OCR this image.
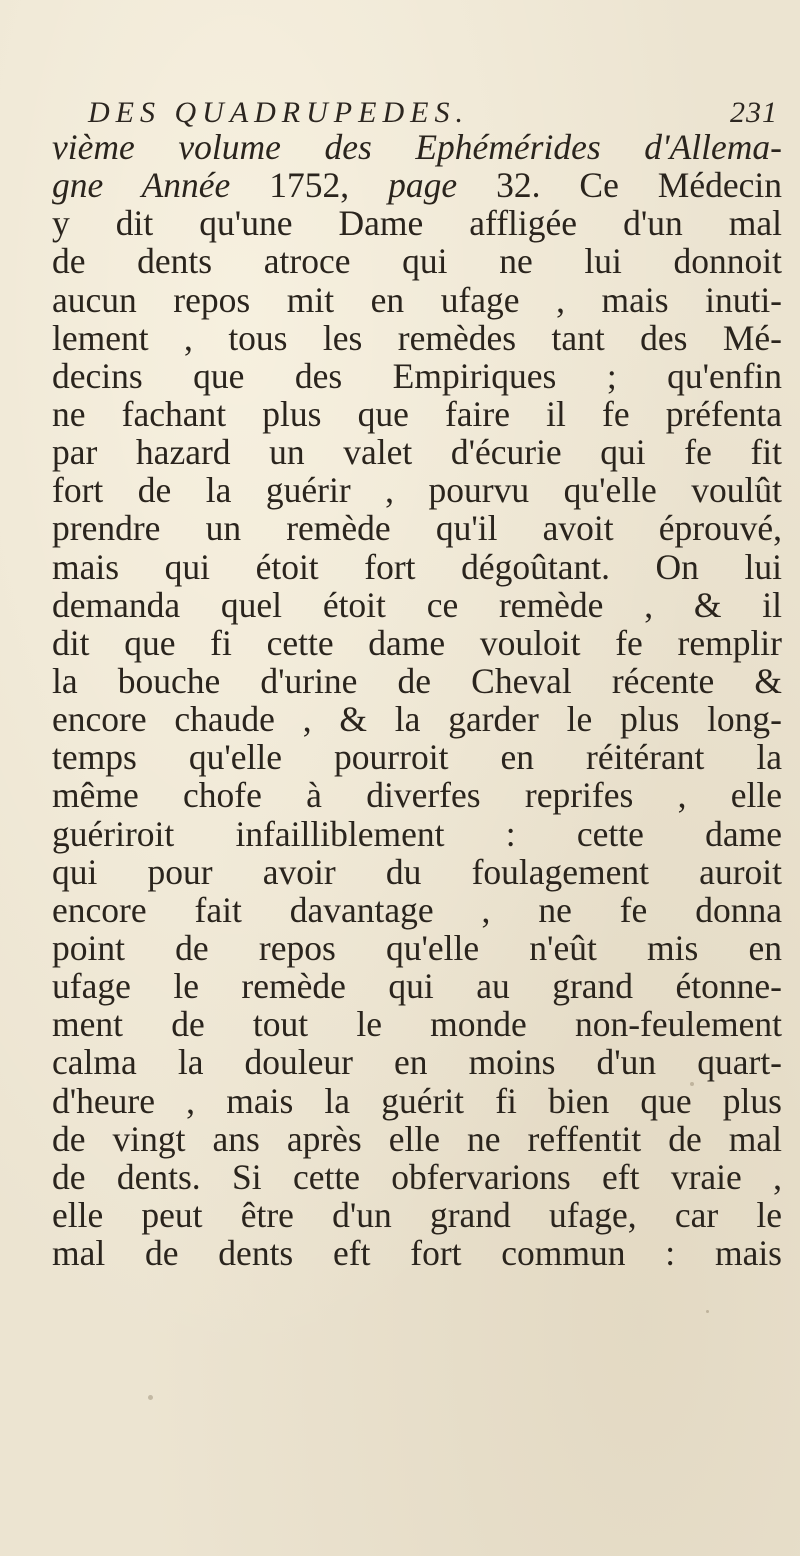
DES QUADRUPEDES.	231
vième volume des Ephémérides d'Allema-
gne Année 1752, page 32. Ce Médecin
y dit qu'une Dame affligée d'un mal
de dents atroce qui ne lui donnoit
aucun repos mit en ufage , mais inuti-
lement , tous les remèdes tant des Mé-
decins que des Empiriques ; qu'enfin
ne fachant plus que faire il fe préfenta
par hazard un valet d'écurie qui fe fit
fort de la guérir , pourvu qu'elle voulût
prendre un remède qu'il avoit éprouvé,
mais qui étoit fort dégoûtant. On lui
demanda quel étoit ce remède , & il
dit que fi cette dame vouloit fe remplir
la bouche d'urine de Cheval récente &
encore chaude , & la garder le plus long-
temps qu'elle pourroit en réitérant la
même chofe à diverfes reprifes , elle
guériroit infailliblement : cette dame
qui pour avoir du foulagement auroit
encore fait davantage , ne fe donna
point de repos qu'elle n'eût mis en
ufage le remède qui au grand étonne-
ment de tout le monde non-feulement
calma la douleur en moins d'un quart-
d'heure , mais la guérit fi bien que plus
de vingt ans après elle ne reffentit de mal
de dents. Si cette obfervarions eft vraie ,
elle peut être d'un grand ufage, car le
mal de dents eft fort commun : mais
